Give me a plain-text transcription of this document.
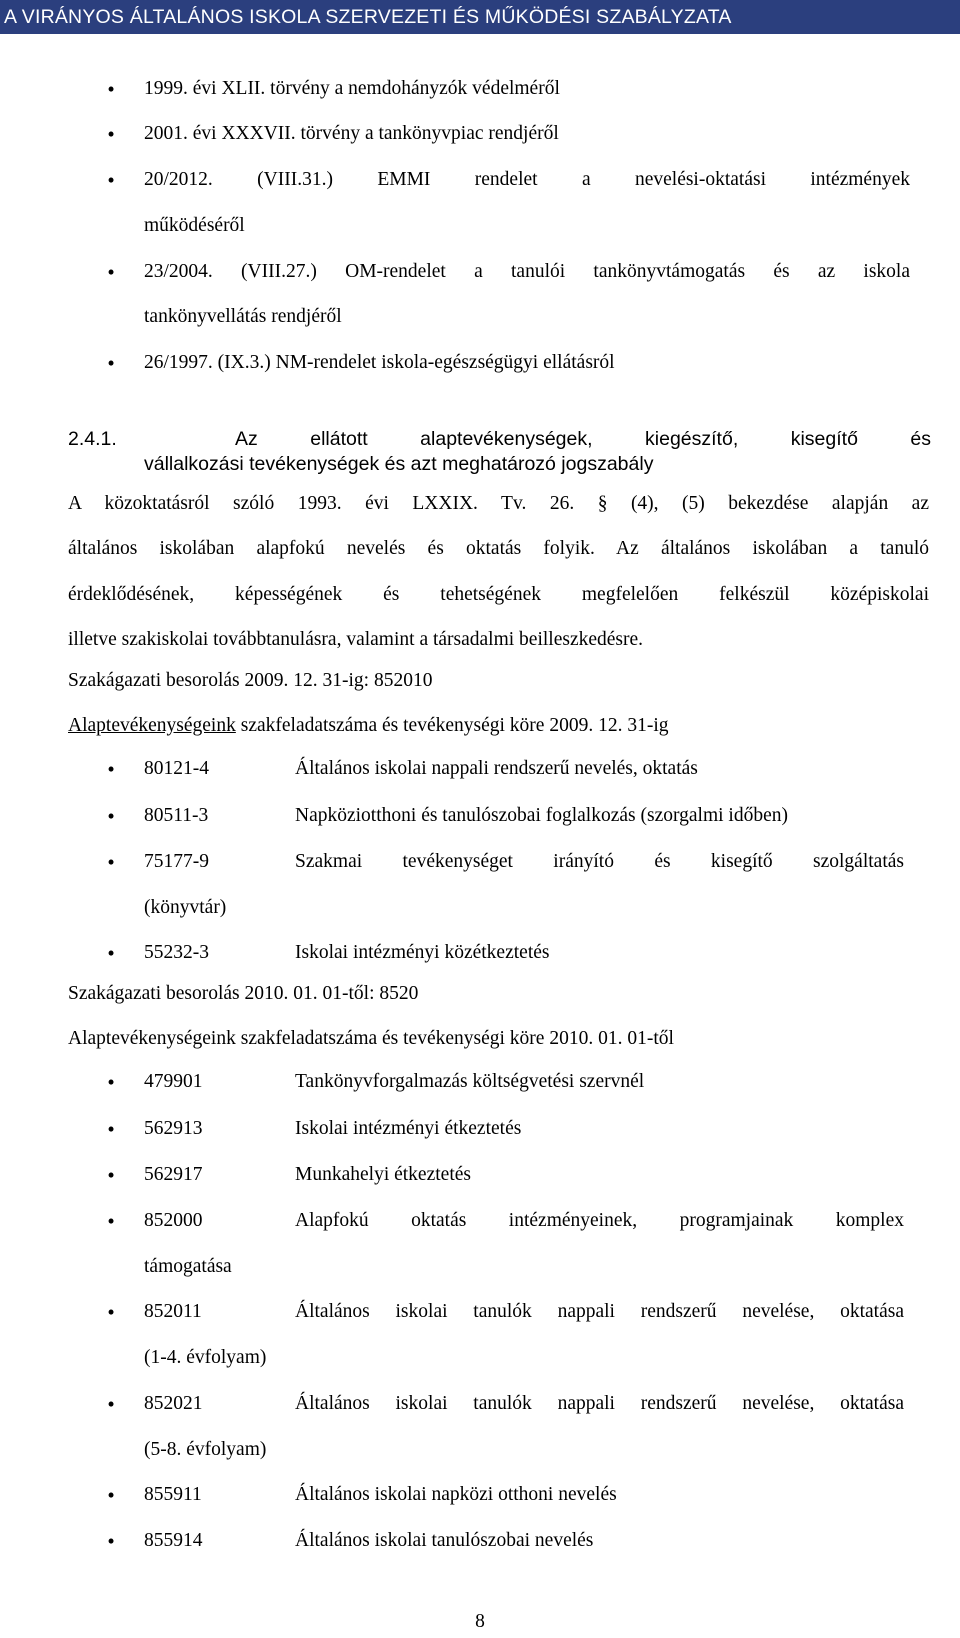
A VIRÁNYOS ÁLTALÁNOS ISKOLA SZERVEZETI ÉS MŰKÖDÉSI SZABÁLYZATA
• 1999. évi XLII. törvény a nemdohányzók védelméről
• 2001. évi XXXVII. törvény a tankönyvpiac rendjéről
• 20/2012. (VIII.31.) EMMI rendelet a nevelési-oktatási intézmények
működéséről
• 23/2004. (VIII.27.) OM-rendelet a tanulói tankönyvtámogatás és az iskola
tankönyvellátás rendjéről
• 26/1997. (IX.3.) NM-rendelet iskola-egészségügyi ellátásról
2.4.1.	Az ellátott alaptevékenységek, kiegészítő, kisegítő és
vállalkozási tevékenységek és azt meghatározó jogszabály
A közoktatásról szóló 1993. évi LXXIX. Tv. 26. § (4), (5) bekezdése alapján az
általános iskolában alapfokú nevelés és oktatás folyik. Az általános iskolában a tanuló
érdeklődésének, képességének és tehetségének megfelelően felkészül középiskolai
illetve szakiskolai továbbtanulásra, valamint a társadalmi beilleszkedésre.
Szakágazati besorolás 2009. 12. 31-ig: 852010
Alaptevékenységeink szakfeladatszáma és tevékenységi köre 2009. 12. 31-ig
• 80121-4	Általános iskolai nappali rendszerű nevelés, oktatás
• 80511-3	Napköziotthoni és tanulószobai foglalkozás (szorgalmi időben)
• 75177-9	Szakmai tevékenységet irányító és kisegítő szolgáltatás
(könyvtár)
• 55232-3	Iskolai intézményi közétkeztetés
Szakágazati besorolás 2010. 01. 01-től: 8520
Alaptevékenységeink szakfeladatszáma és tevékenységi köre 2010. 01. 01-től
• 479901	Tankönyvforgalmazás költségvetési szervnél
• 562913	Iskolai intézményi étkeztetés
• 562917	Munkahelyi étkeztetés
• 852000	Alapfokú oktatás intézményeinek, programjainak komplex
támogatása
• 852011	Általános iskolai tanulók nappali rendszerű nevelése, oktatása
(1-4. évfolyam)
• 852021	Általános iskolai tanulók nappali rendszerű nevelése, oktatása
(5-8. évfolyam)
• 855911	Általános iskolai napközi otthoni nevelés
• 855914	Általános iskolai tanulószobai nevelés
8
